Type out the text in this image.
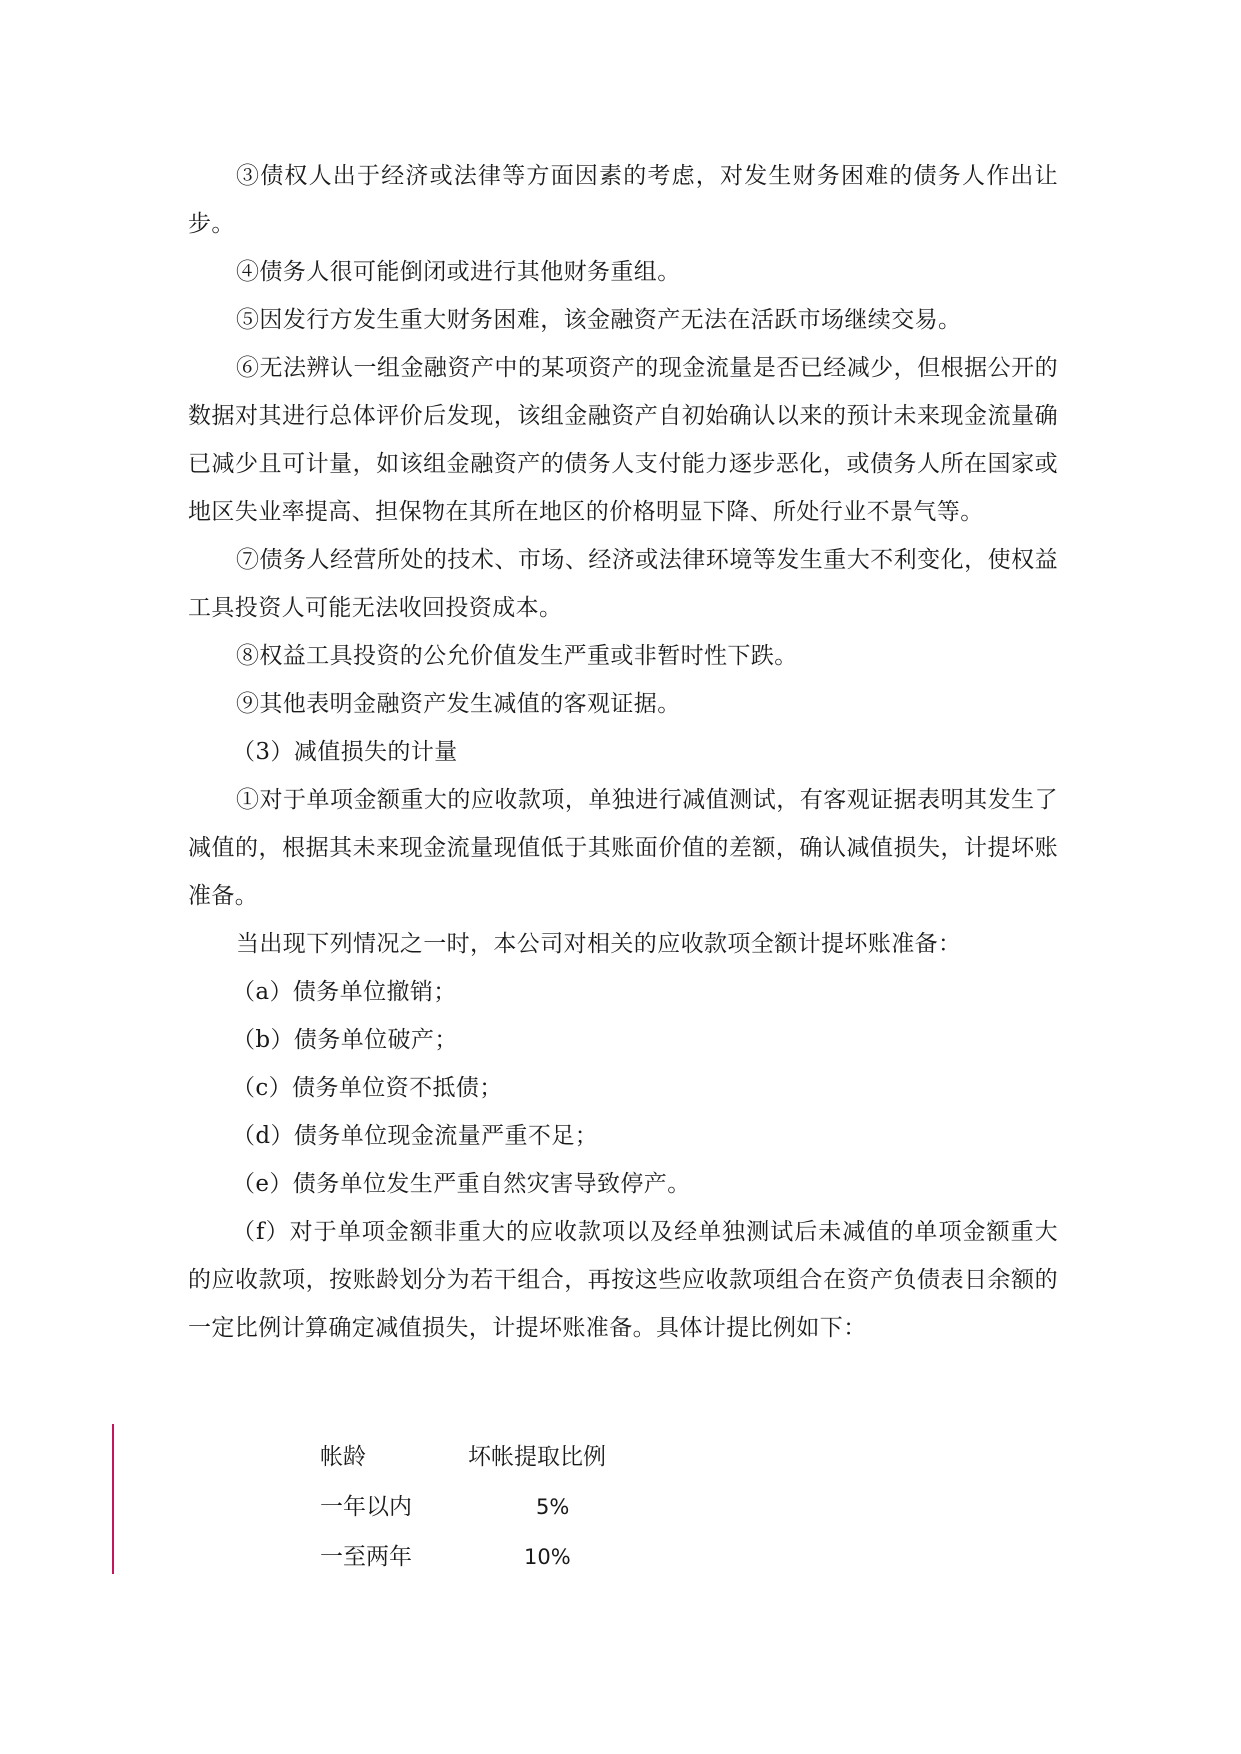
③债权人出于经济或法律等方面因素的考虑，对发生财务困难的债务人作出让步。

④债务人很可能倒闭或进行其他财务重组。

⑤因发行方发生重大财务困难，该金融资产无法在活跃市场继续交易。

⑥无法辨认一组金融资产中的某项资产的现金流量是否已经减少，但根据公开的数据对其进行总体评价后发现，该组金融资产自初始确认以来的预计未来现金流量确已减少且可计量，如该组金融资产的债务人支付能力逐步恶化，或债务人所在国家或地区失业率提高、担保物在其所在地区的价格明显下降、所处行业不景气等。

⑦债务人经营所处的技术、市场、经济或法律环境等发生重大不利变化，使权益工具投资人可能无法收回投资成本。

⑧权益工具投资的公允价值发生严重或非暂时性下跌。

⑨其他表明金融资产发生减值的客观证据。

（3）减值损失的计量

①对于单项金额重大的应收款项，单独进行减值测试，有客观证据表明其发生了减值的，根据其未来现金流量现值低于其账面价值的差额，确认减值损失，计提坏账准备。

当出现下列情况之一时，本公司对相关的应收款项全额计提坏账准备：

（a）债务单位撤销；

（b）债务单位破产；

（c）债务单位资不抵债；

（d）债务单位现金流量严重不足；

（e）债务单位发生严重自然灾害导致停产。

（f）对于单项金额非重大的应收款项以及经单独测试后未减值的单项金额重大的应收款项，按账龄划分为若干组合，再按这些应收款项组合在资产负债表日余额的一定比例计算确定减值损失，计提坏账准备。具体计提比例如下：

帐龄	坏帐提取比例
一年以内	5%
一至两年	10%
